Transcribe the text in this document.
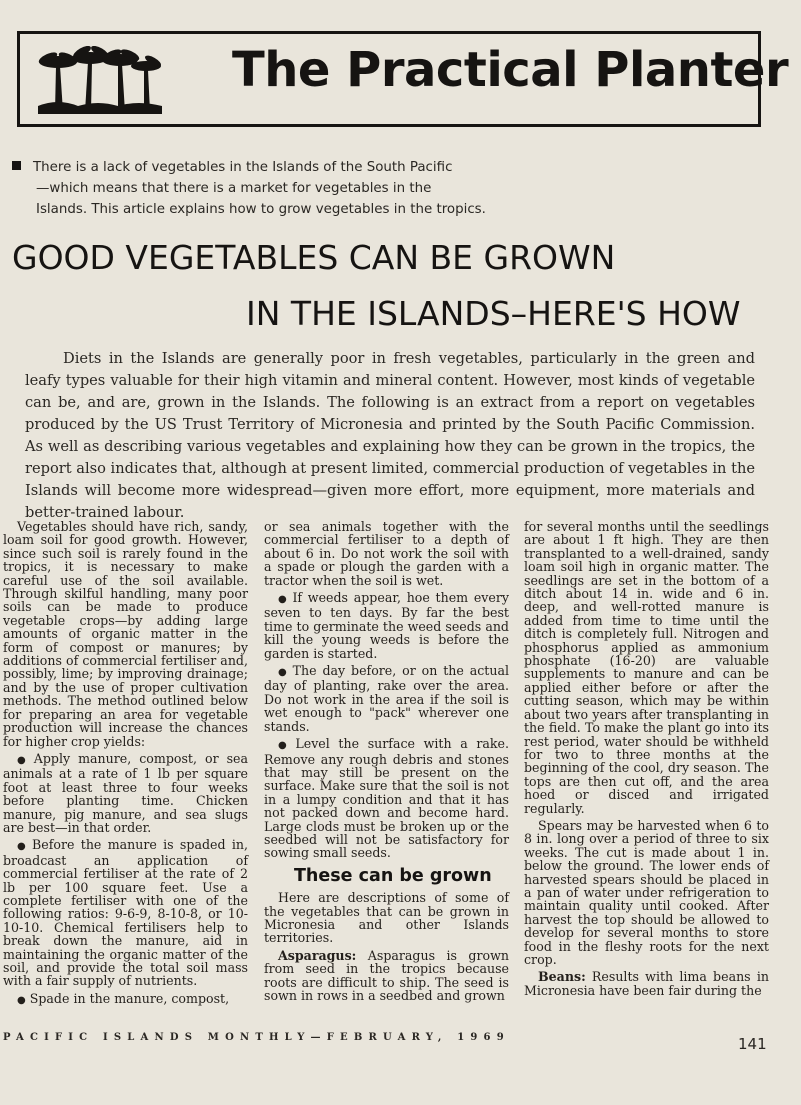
The Practical Planter
There is a lack of vegetables in the Islands of the South Pacific
—which means that there is a market for vegetables in the
Islands. This article explains how to grow vegetables in the tropics.
GOOD VEGETABLES CAN BE GROWN
IN THE ISLANDS–HERE'S HOW
Diets in the Islands are generally poor in fresh vegetables, particularly in the green and leafy types valuable for their high vitamin and mineral content. However, most kinds of vegetable can be, and are, grown in the Islands. The following is an extract from a report on vegetables produced by the US Trust Territory of Micronesia and printed by the South Pacific Commission. As well as describing various vegetables and explaining how they can be grown in the tropics, the report also indicates that, although at present limited, commercial production of vegetables in the Islands will become more widespread—given more effort, more equipment, more materials and better-trained labour.

Vegetables should have rich, sandy, loam soil for good growth. However, since such soil is rarely found in the tropics, it is necessary to make careful use of the soil available. Through skilful handling, many poor soils can be made to produce vegetable crops—by adding large amounts of organic matter in the form of compost or manures; by additions of commercial fertiliser and, possibly, lime; by improving drainage; and by the use of proper cultivation methods. The method outlined below for preparing an area for vegetable production will increase the chances for higher crop yields:

● Apply manure, compost, or sea animals at a rate of 1 lb per square foot at least three to four weeks before planting time. Chicken manure, pig manure, and sea slugs are best—in that order.

● Before the manure is spaded in, broadcast an application of commercial fertiliser at the rate of 2 lb per 100 square feet. Use a complete fertiliser with one of the following ratios: 9-6-9, 8-10-8, or 10-10-10. Chemical fertilisers help to break down the manure, aid in maintaining the organic matter of the soil, and provide the total soil mass with a fair supply of nutrients.

● Spade in the manure, compost,

or sea animals together with the commercial fertiliser to a depth of about 6 in. Do not work the soil with a spade or plough the garden with a tractor when the soil is wet.

● If weeds appear, hoe them every seven to ten days. By far the best time to germinate the weed seeds and kill the young weeds is before the garden is started.

● The day before, or on the actual day of planting, rake over the area. Do not work in the area if the soil is wet enough to "pack" wherever one stands.

● Level the surface with a rake. Remove any rough debris and stones that may still be present on the surface. Make sure that the soil is not in a lumpy condition and that it has not packed down and become hard. Large clods must be broken up or the seedbed will not be satisfactory for sowing small seeds.

These can be grown

Here are descriptions of some of the vegetables that can be grown in Micronesia and other Islands territories.

Asparagus: Asparagus is grown from seed in the tropics because roots are difficult to ship. The seed is sown in rows in a seedbed and grown

for several months until the seedlings are about 1 ft high. They are then transplanted to a well-drained, sandy loam soil high in organic matter. The seedlings are set in the bottom of a ditch about 14 in. wide and 6 in. deep, and well-rotted manure is added from time to time until the ditch is completely full. Nitrogen and phosphorus applied as ammonium phosphate (16-20) are valuable supplements to manure and can be applied either before or after the cutting season, which may be within about two years after transplanting in the field. To make the plant go into its rest period, water should be withheld for two to three months at the beginning of the cool, dry season. The tops are then cut off, and the area hoed or disced and irrigated regularly.

Spears may be harvested when 6 to 8 in. long over a period of three to six weeks. The cut is made about 1 in. below the ground. The lower ends of harvested spears should be placed in a pan of water under refrigeration to maintain quality until cooked. After harvest the top should be allowed to develop for several months to store food in the fleshy roots for the next crop.

Beans: Results with lima beans in Micronesia have been fair during the

PACIFIC ISLANDS MONTHLY—FEBRUARY, 1969	141
